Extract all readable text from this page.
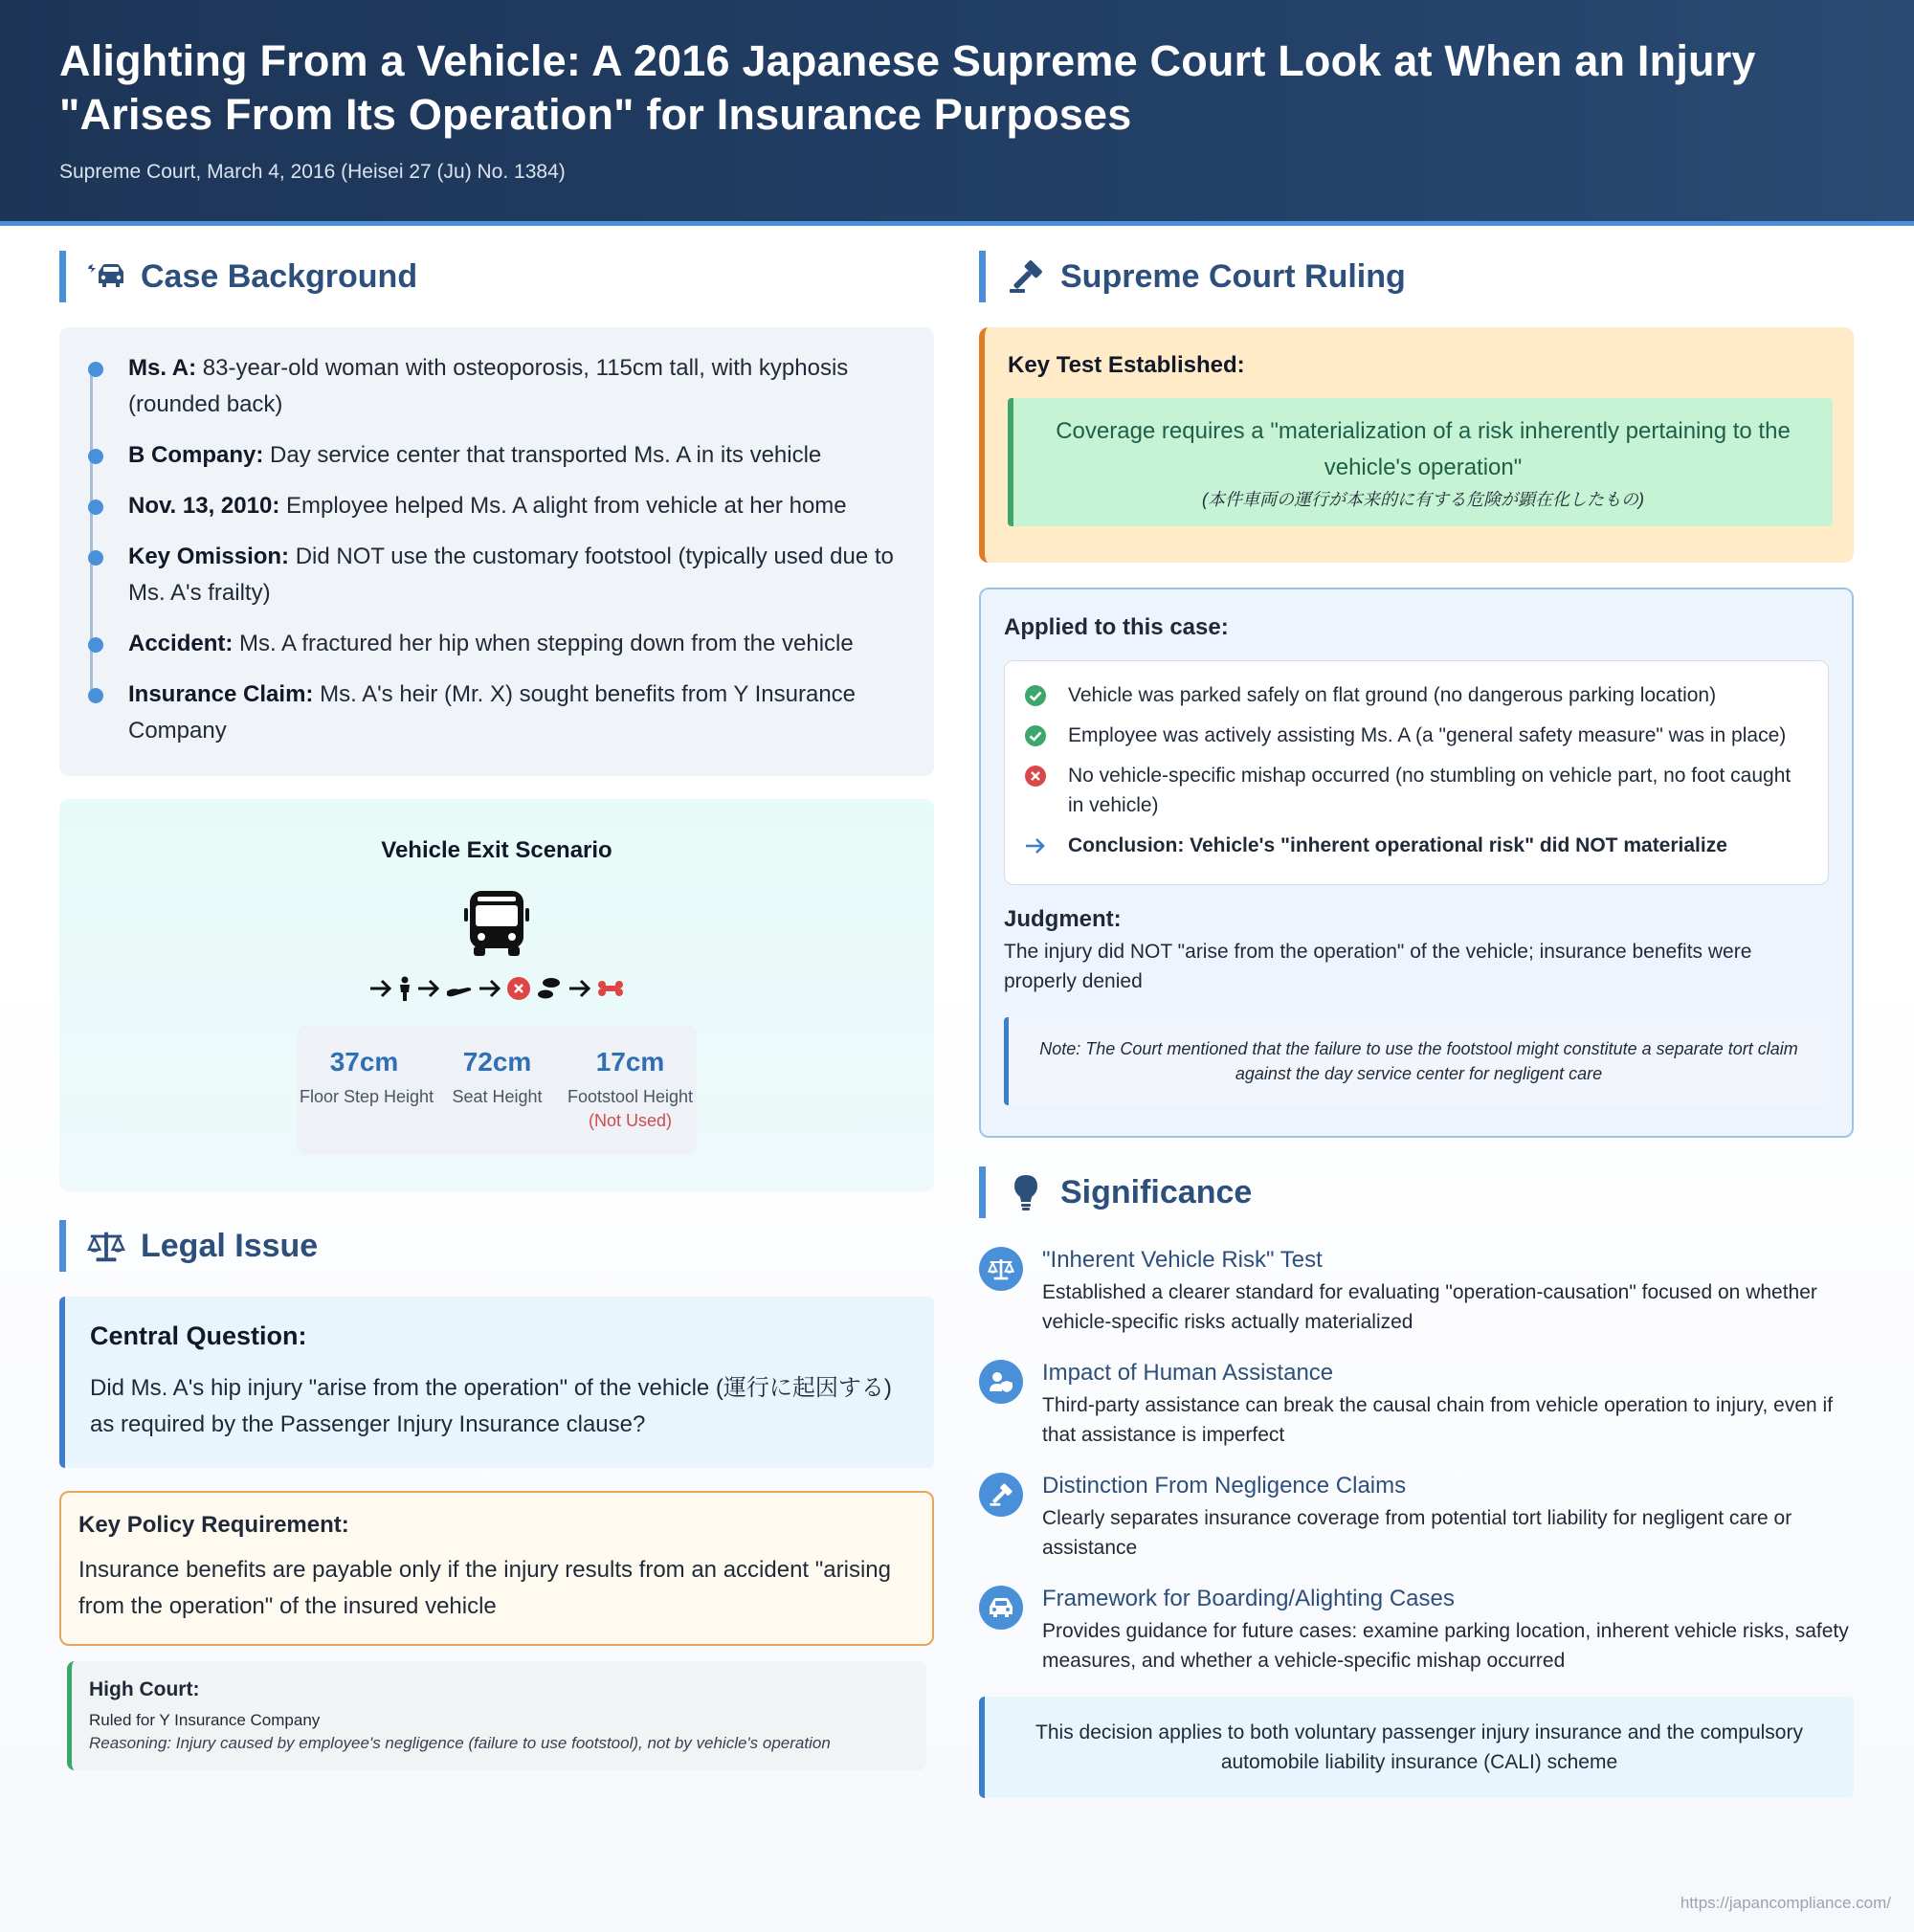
Alighting From a Vehicle: A 2016 Japanese Supreme Court Look at When an Injury "Arises From Its Operation" for Insurance Purposes
Supreme Court, March 4, 2016 (Heisei 27 (Ju) No. 1384)
Case Background
Ms. A: 83-year-old woman with osteoporosis, 115cm tall, with kyphosis (rounded back)
B Company: Day service center that transported Ms. A in its vehicle
Nov. 13, 2010: Employee helped Ms. A alight from vehicle at her home
Key Omission: Did NOT use the customary footstool (typically used due to Ms. A's frailty)
Accident: Ms. A fractured her hip when stepping down from the vehicle
Insurance Claim: Ms. A's heir (Mr. X) sought benefits from Y Insurance Company
Vehicle Exit Scenario
37cm
Floor Step Height
72cm
Seat Height
17cm
Footstool Height
(Not Used)
Legal Issue
Central Question:
Did Ms. A's hip injury "arise from the operation" of the vehicle (運行に起因する) as required by the Passenger Injury Insurance clause?
Key Policy Requirement:
Insurance benefits are payable only if the injury results from an accident "arising from the operation" of the insured vehicle
High Court:
Ruled for Y Insurance Company
Reasoning: Injury caused by employee's negligence (failure to use footstool), not by vehicle's operation
Supreme Court Ruling
Key Test Established:
Coverage requires a "materialization of a risk inherently pertaining to the vehicle's operation"
(本件車両の運行が本来的に有する危険が顕在化したもの)
Applied to this case:
Vehicle was parked safely on flat ground (no dangerous parking location)
Employee was actively assisting Ms. A (a "general safety measure" was in place)
No vehicle-specific mishap occurred (no stumbling on vehicle part, no foot caught in vehicle)
Conclusion: Vehicle's "inherent operational risk" did NOT materialize
Judgment:
The injury did NOT "arise from the operation" of the vehicle; insurance benefits were properly denied
Note: The Court mentioned that the failure to use the footstool might constitute a separate tort claim against the day service center for negligent care
Significance
"Inherent Vehicle Risk" Test
Established a clearer standard for evaluating "operation-causation" focused on whether vehicle-specific risks actually materialized
Impact of Human Assistance
Third-party assistance can break the causal chain from vehicle operation to injury, even if that assistance is imperfect
Distinction From Negligence Claims
Clearly separates insurance coverage from potential tort liability for negligent care or assistance
Framework for Boarding/Alighting Cases
Provides guidance for future cases: examine parking location, inherent vehicle risks, safety measures, and whether a vehicle-specific mishap occurred
This decision applies to both voluntary passenger injury insurance and the compulsory automobile liability insurance (CALI) scheme
https://japancompliance.com/
